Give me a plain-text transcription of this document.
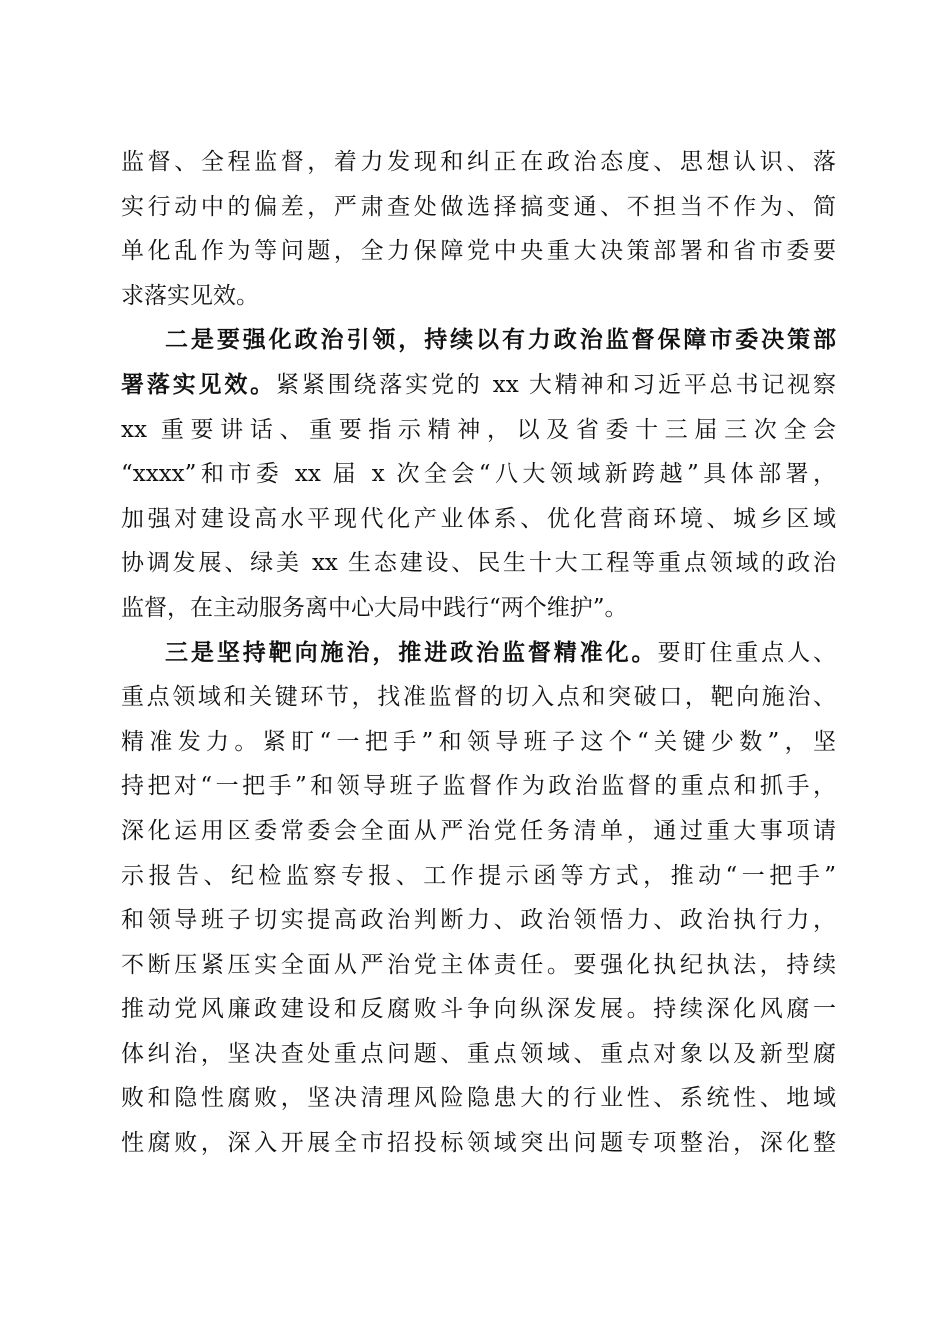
监督、全程监督，着力发现和纠正在政治态度、思想认识、落
实行动中的偏差，严肃查处做选择搞变通、不担当不作为、简
单化乱作为等问题，全力保障党中央重大决策部署和省市委要
求落实见效。
二是要强化政治引领，持续以有力政治监督保障市委决策部
署落实见效。紧紧围绕落实党的 xx 大精神和习近平总书记视察
xx 重要讲话、重要指示精神，以及省委十三届三次全会
“xxxx”和市委 xx 届 x 次全会“八大领域新跨越”具体部署，
加强对建设高水平现代化产业体系、优化营商环境、城乡区域
协调发展、绿美 xx 生态建设、民生十大工程等重点领域的政治
监督，在主动服务离中心大局中践行“两个维护”。
三是坚持靶向施治，推进政治监督精准化。要盯住重点人、
重点领域和关键环节，找准监督的切入点和突破口，靶向施治、
精准发力。紧盯“一把手”和领导班子这个“关键少数”，坚
持把对“一把手”和领导班子监督作为政治监督的重点和抓手，
深化运用区委常委会全面从严治党任务清单，通过重大事项请
示报告、纪检监察专报、工作提示函等方式，推动“一把手”
和领导班子切实提高政治判断力、政治领悟力、政治执行力，
不断压紧压实全面从严治党主体责任。要强化执纪执法，持续
推动党风廉政建设和反腐败斗争向纵深发展。持续深化风腐一
体纠治，坚决查处重点问题、重点领域、重点对象以及新型腐
败和隐性腐败，坚决清理风险隐患大的行业性、系统性、地域
性腐败，深入开展全市招投标领域突出问题专项整治，深化整
